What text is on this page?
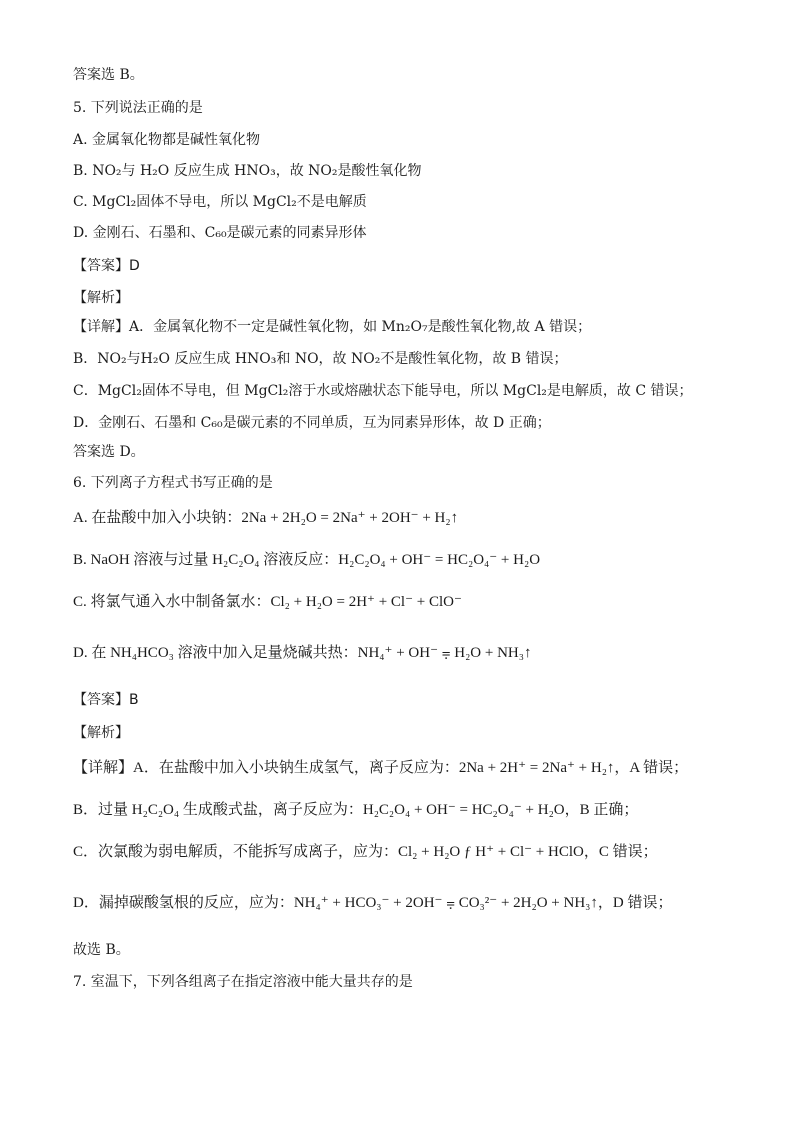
答案选 B。
5. 下列说法正确的是
A. 金属氧化物都是碱性氧化物
B. NO₂与 H₂O 反应生成 HNO₃，故 NO₂是酸性氧化物
C. MgCl₂固体不导电，所以 MgCl₂不是电解质
D. 金刚石、石墨和、C₆₀是碳元素的同素异形体
【答案】D
【解析】
【详解】A．金属氧化物不一定是碱性氧化物，如 Mn₂O₇是酸性氧化物,故 A 错误；
B．NO₂与H₂O 反应生成 HNO₃和 NO，故 NO₂不是酸性氧化物，故 B 错误；
C．MgCl₂固体不导电，但 MgCl₂溶于水或熔融状态下能导电，所以 MgCl₂是电解质，故 C 错误；
D．金刚石、石墨和 C₆₀是碳元素的不同单质，互为同素异形体，故 D 正确；
答案选 D。
6. 下列离子方程式书写正确的是
A. 在盐酸中加入小块钠：2Na + 2H₂O = 2Na⁺ + 2OH⁻ + H₂↑
B. NaOH 溶液与过量 H₂C₂O₄ 溶液反应：H₂C₂O₄ + OH⁻ = HC₂O₄⁻ + H₂O
C. 将氯气通入水中制备氯水：Cl₂ + H₂O = 2H⁺ + Cl⁻ + ClO⁻
D. 在 NH₄HCO₃ 溶液中加入足量烧碱共热：NH₄⁺ + OH⁻ ⩦ H₂O + NH₃↑
【答案】B
【解析】
【详解】A．在盐酸中加入小块钠生成氢气，离子反应为：2Na + 2H⁺ = 2Na⁺ + H₂↑，A 错误；
B．过量 H₂C₂O₄ 生成酸式盐，离子反应为：H₂C₂O₄ + OH⁻ = HC₂O₄⁻ + H₂O，B 正确；
C．次氯酸为弱电解质，不能拆写成离子，应为：Cl₂ + H₂O ƒ H⁺ + Cl⁻ + HClO，C 错误；
D．漏掉碳酸氢根的反应，应为：NH₄⁺ + HCO₃⁻ + 2OH⁻ ⩦ CO₃²⁻ + 2H₂O + NH₃↑，D 错误；
故选 B。
7. 室温下，下列各组离子在指定溶液中能大量共存的是
